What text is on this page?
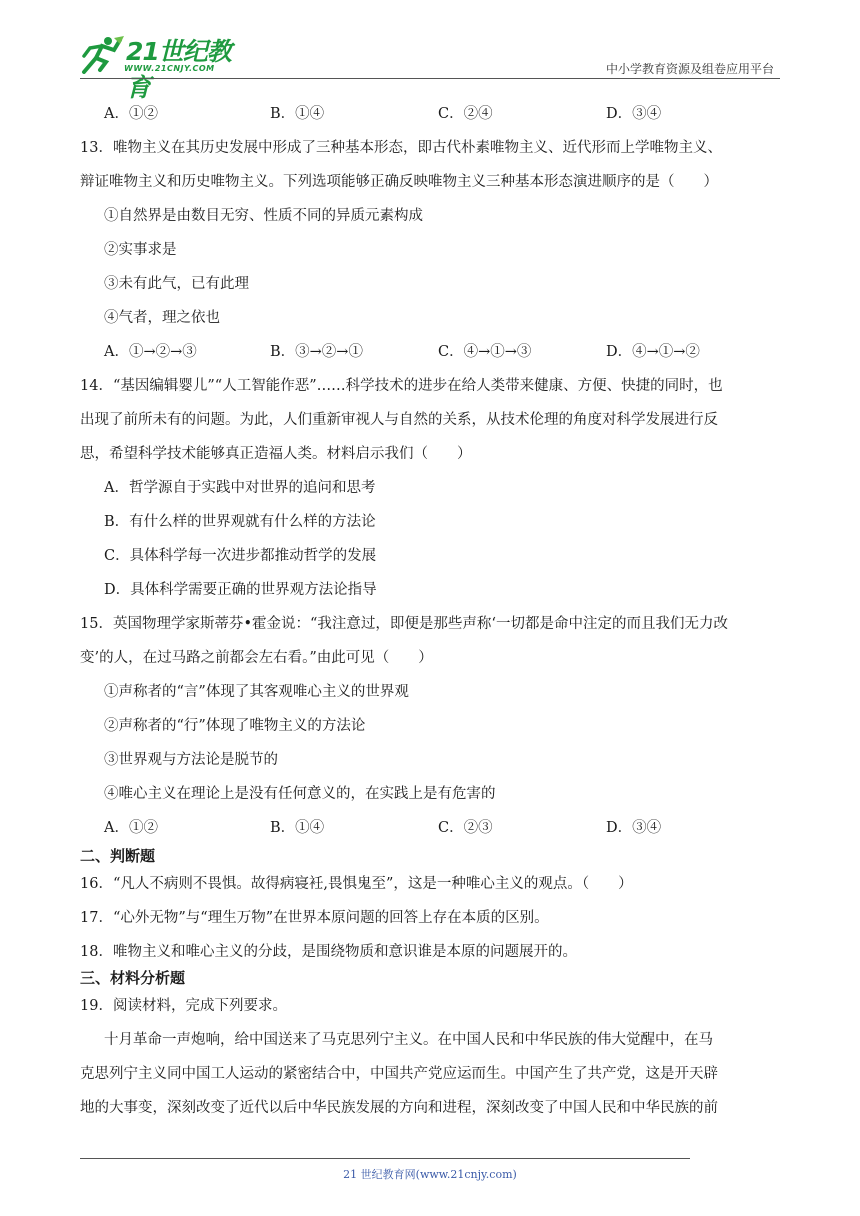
21世纪教育
WWW.21CNJY.COM	中小学教育资源及组卷应用平台
A．①②	B．①④	C．②④	D．③④
13．唯物主义在其历史发展中形成了三种基本形态，即古代朴素唯物主义、近代形而上学唯物主义、
辩证唯物主义和历史唯物主义。下列选项能够正确反映唯物主义三种基本形态演进顺序的是（　　）
①自然界是由数目无穷、性质不同的异质元素构成
②实事求是
③未有此气，已有此理
④气者，理之依也
A．①→②→③	B．③→②→①	C．④→①→③	D．④→①→②
14．“基因编辑婴儿”“人工智能作恶”……科学技术的进步在给人类带来健康、方便、快捷的同时，也
出现了前所未有的问题。为此，人们重新审视人与自然的关系，从技术伦理的角度对科学发展进行反
思，希望科学技术能够真正造福人类。材料启示我们（　　）
A．哲学源自于实践中对世界的追问和思考
B．有什么样的世界观就有什么样的方法论
C．具体科学每一次进步都推动哲学的发展
D．具体科学需要正确的世界观方法论指导
15．英国物理学家斯蒂芬•霍金说：“我注意过，即便是那些声称‘一切都是命中注定的而且我们无力改
变’的人，在过马路之前都会左右看。”由此可见（　　）
①声称者的“言”体现了其客观唯心主义的世界观
②声称者的“行”体现了唯物主义的方法论
③世界观与方法论是脱节的
④唯心主义在理论上是没有任何意义的，在实践上是有危害的
A．①②	B．①④	C．②③	D．③④
二、判断题
16．“凡人不病则不畏惧。故得病寝衽,畏惧鬼至”，这是一种唯心主义的观点。（　　）
17．“心外无物”与“理生万物”在世界本原问题的回答上存在本质的区别。
18．唯物主义和唯心主义的分歧，是围绕物质和意识谁是本原的问题展开的。
三、材料分析题
19．阅读材料，完成下列要求。
十月革命一声炮响，给中国送来了马克思列宁主义。在中国人民和中华民族的伟大觉醒中，在马
克思列宁主义同中国工人运动的紧密结合中，中国共产党应运而生。中国产生了共产党，这是开天辟
地的大事变，深刻改变了近代以后中华民族发展的方向和进程，深刻改变了中国人民和中华民族的前
21 世纪教育网(www.21cnjy.com)
